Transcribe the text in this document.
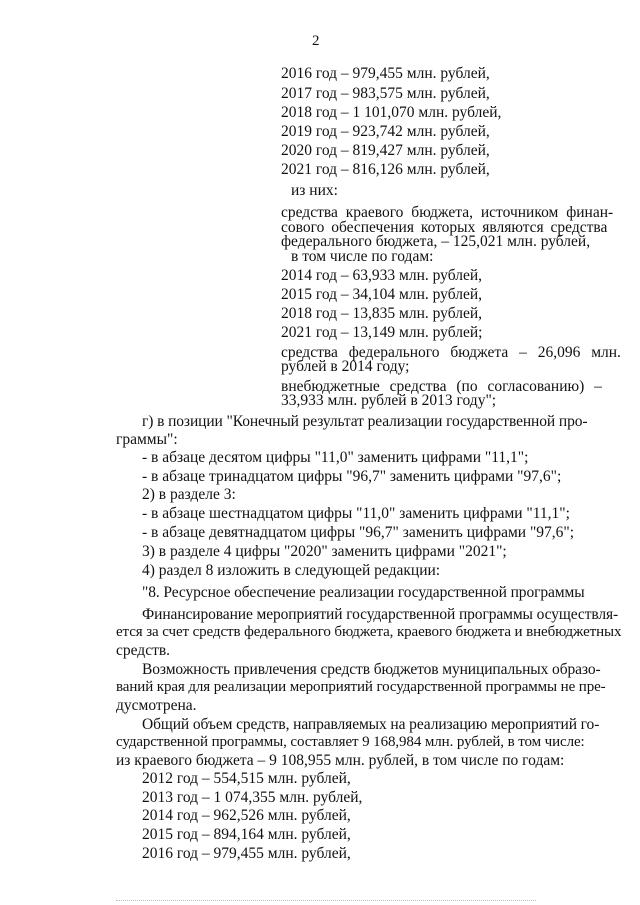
2
2016 год – 979,455 млн. рублей,
2017 год – 983,575 млн. рублей,
2018 год – 1 101,070 млн. рублей,
2019 год – 923,742 млн. рублей,
2020 год – 819,427 млн. рублей,
2021 год – 816,126 млн. рублей,
из них:
средства краевого бюджета, источником финан-
сового обеспечения которых являются средства
федерального бюджета, – 125,021 млн. рублей,
в том числе по годам:
2014 год – 63,933 млн. рублей,
2015 год – 34,104 млн. рублей,
2018 год – 13,835 млн. рублей,
2021 год – 13,149 млн. рублей;
средства федерального бюджета – 26,096 млн.
рублей в 2014 году;
внебюджетные средства (по согласованию) –
33,933 млн. рублей в 2013 году";
г) в позиции "Конечный результат реализации государственной про-
граммы":
- в абзаце десятом цифры "11,0" заменить цифрами "11,1";
- в абзаце тринадцатом цифры "96,7" заменить цифрами "97,6";
2) в разделе 3:
- в абзаце шестнадцатом цифры "11,0" заменить цифрами "11,1";
- в абзаце девятнадцатом цифры "96,7" заменить цифрами "97,6";
3) в разделе 4 цифры "2020" заменить цифрами "2021";
4) раздел 8 изложить в следующей редакции:
"8. Ресурсное обеспечение реализации государственной программы
Финансирование мероприятий государственной программы осуществля-
ется за счет средств федерального бюджета, краевого бюджета и внебюджетных
средств.
Возможность привлечения средств бюджетов муниципальных образо-
ваний края для реализации мероприятий государственной программы не пре-
дусмотрена.
Общий объем средств, направляемых на реализацию мероприятий го-
сударственной программы, составляет 9 168,984 млн. рублей, в том числе:
из краевого бюджета – 9 108,955 млн. рублей, в том числе по годам:
2012 год – 554,515 млн. рублей,
2013 год – 1 074,355 млн. рублей,
2014 год – 962,526 млн. рублей,
2015 год – 894,164 млн. рублей,
2016 год – 979,455 млн. рублей,
